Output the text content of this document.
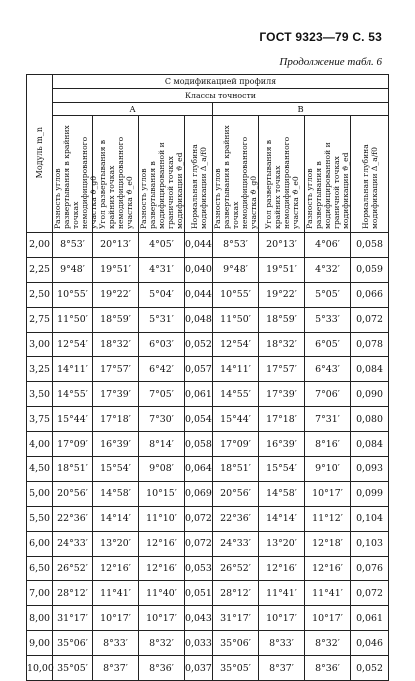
ГОСТ 9323—79 С. 53
Продолжение табл. 6
Модуль m_n	С модификацией профиля							
	Классы точности							
	А				В			
	Разность углов развертывания в крайних точках немодифицированного участка ϑ_g0	Угол развертывания в крайних точках немодифицированного участка ϑ_e0	Разность углов развертывания в модифицированной и граничной точках модификации ϑ_ed	Нормальная глубина модификации Δ_a/f0	Разность углов развертывания в крайних точках немодифицированного участка ϑ_g0	Угол развертывания в крайних точках немодифицированного участка ϑ_e0	Разность углов развертывания в модифицированной и граничной точках модификации ϑ_ed	Нормальная глубина модификации Δ_a/f0
2,00	8°53′	20°13′	4°05′	0,044	8°53′	20°13′	4°06′	0,058
2,25	9°48′	19°51′	4°31′	0,040	9°48′	19°51′	4°32′	0,059
2,50	10°55′	19°22′	5°04′	0,044	10°55′	19°22′	5°05′	0,066
2,75	11°50′	18°59′	5°31′	0,048	11°50′	18°59′	5°33′	0,072
3,00	12°54′	18°32′	6°03′	0,052	12°54′	18°32′	6°05′	0,078
3,25	14°11′	17°57′	6°42′	0,057	14°11′	17°57′	6°43′	0,084
3,50	14°55′	17°39′	7°05′	0,061	14°55′	17°39′	7°06′	0,090
3,75	15°44′	17°18′	7°30′	0,054	15°44′	17°18′	7°31′	0,080
4,00	17°09′	16°39′	8°14′	0,058	17°09′	16°39′	8°16′	0,084
4,50	18°51′	15°54′	9°08′	0,064	18°51′	15°54′	9°10′	0,093
5,00	20°56′	14°58′	10°15′	0,069	20°56′	14°58′	10°17′	0,099
5,50	22°36′	14°14′	11°10′	0,072	22°36′	14°14′	11°12′	0,104
6,00	24°33′	13°20′	12°16′	0,072	24°33′	13°20′	12°18′	0,103
6,50	26°52′	12°16′	12°16′	0,053	26°52′	12°16′	12°16′	0,076
7,00	28°12′	11°41′	11°40′	0,051	28°12′	11°41′	11°41′	0,072
8,00	31°17′	10°17′	10°17′	0,043	31°17′	10°17′	10°17′	0,061
9,00	35°06′	8°33′	8°32′	0,033	35°06′	8°33′	8°32′	0,046
10,00	35°05′	8°37′	8°36′	0,037	35°05′	8°37′	8°36′	0,052
